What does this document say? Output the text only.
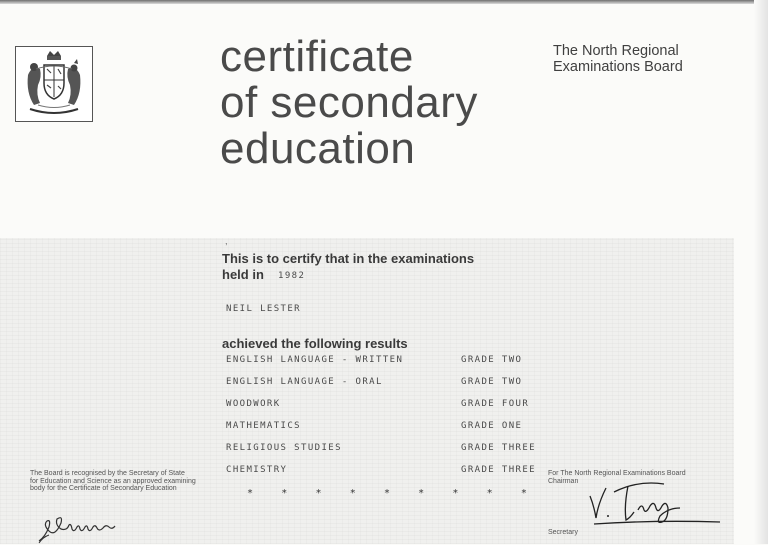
certificate
of secondary
education
The North Regional
Examinations Board
,
This is to certify that in the examinations
held in	1982
NEIL LESTER
achieved the following results
ENGLISH LANGUAGE - WRITTEN	GRADE TWO
ENGLISH LANGUAGE - ORAL	GRADE TWO
WOODWORK	GRADE FOUR
MATHEMATICS	GRADE ONE
RELIGIOUS STUDIES	GRADE THREE
CHEMISTRY	GRADE THREE
*	*	*	*	*	*	*	*	*
The Board is recognised by the Secretary of State
for Education and Science as an approved examining
body for the Certificate of Secondary Education
For The North Regional Examinations Board
Chairman
Secretary
